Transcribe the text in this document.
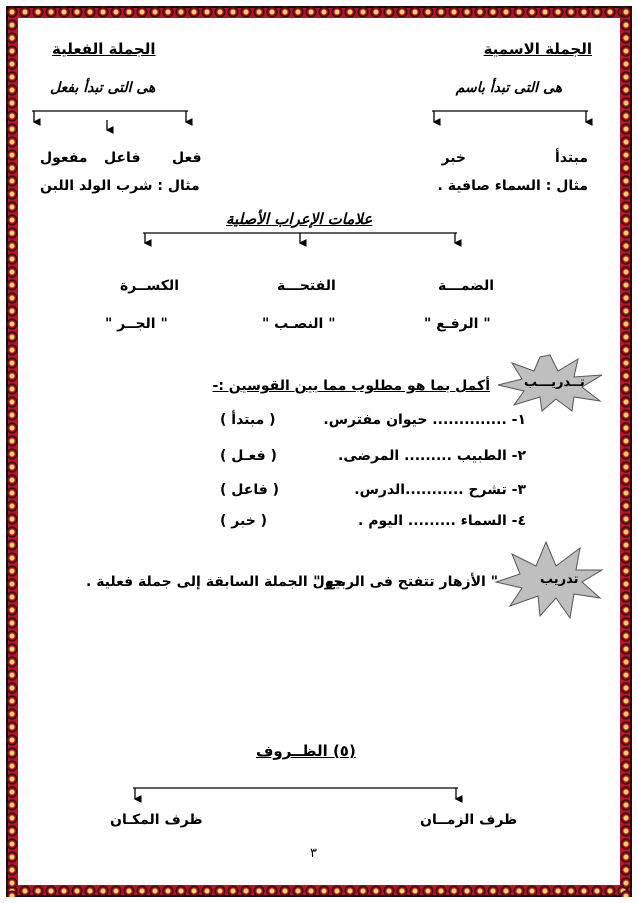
الجملة الاسمية
هى التى تبدأ باسم
مبتدأ
خبر
مثال : السماء صافية .
الجملة الفعلية
هى التى تبدأ بفعل
فعل
فاعل
مفعول
مثال : شرب الولد اللبن
علامات الإعراب الأصلية
الضمـــة
الفتحـــة
الكســرة
" الرفـع "
" النصـب "
" الجــر "
تــدريـــب
أكمل بما هو مطلوب مما بين القوسين :-
١- .............. حيوان مفترس.
( مبتدأ )
٢- الطبيب ......... المرضى.
( فعـل )
٣- تشرح ...........الدرس.
( فاعل )
٤- السماء ......... اليوم .
( خبر )
تدريب
" الأزهار تتفتح فى الربيع "
حول الجملة السابقة إلى جملة فعلية .
(٥) الظــروف
ظرف الزمــان
ظرف المكـان
٣
